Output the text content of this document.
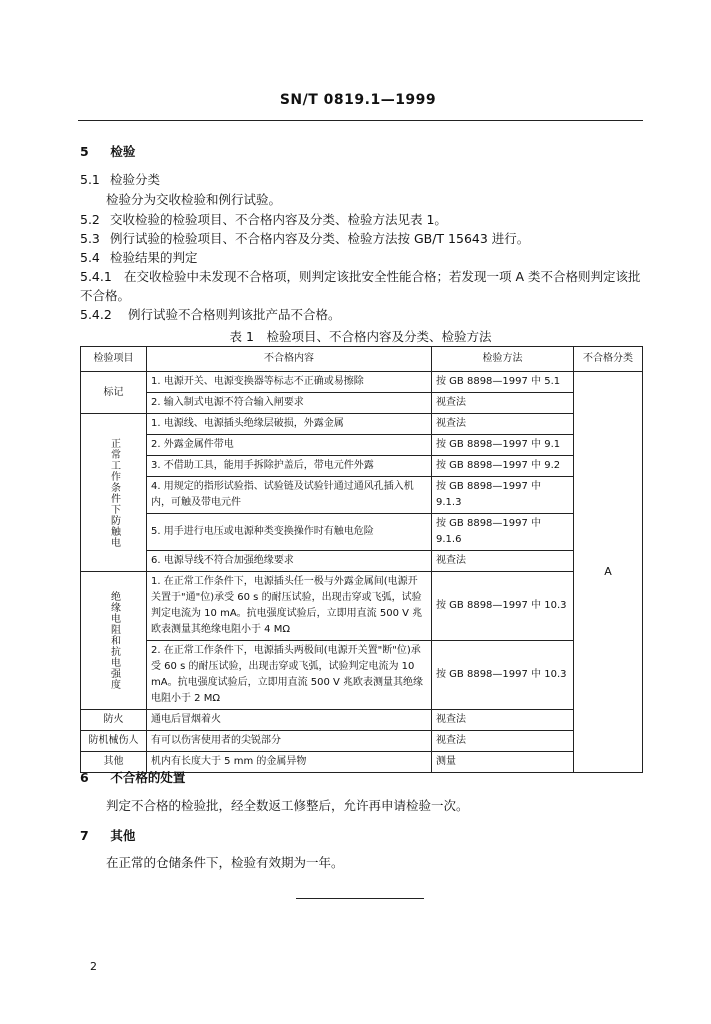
SN/T 0819.1—1999
5 检验
5.1 检验分类
检验分为交收检验和例行试验。
5.2 交收检验的检验项目、不合格内容及分类、检验方法见表 1。
5.3 例行试验的检验项目、不合格内容及分类、检验方法按 GB/T 15643 进行。
5.4 检验结果的判定
5.4.1 在交收检验中未发现不合格项，则判定该批安全性能合格；若发现一项 A 类不合格则判定该批
不合格。
5.4.2 例行试验不合格则判该批产品不合格。
表 1　检验项目、不合格内容及分类、检验方法
检验项目	不合格内容	检验方法	不合格分类
标记	1. 电源开关、电源变换器等标志不正确或易擦除	按 GB 8898—1997 中 5.1	A
	2. 输入制式电源不符合输入闸要求	视查法	

正常工作条件下防触电	1. 电源线、电源插头绝缘层破损，外露金属	视查法	
	2. 外露金属件带电	按 GB 8898—1997 中 9.1	
	3. 不借助工具，能用手拆除护盖后，带电元件外露	按 GB 8898—1997 中 9.2	
	4. 用规定的指形试验指、试验链及试验针通过通风孔插入机内，可触及带电元件	按 GB 8898—1997 中 9.1.3	
	5. 用手进行电压或电源种类变换操作时有触电危险	按 GB 8898—1997 中 9.1.6	
	6. 电源导线不符合加强绝缘要求	视查法	

绝缘电阻和抗电强度	1. 在正常工作条件下，电源插头任一极与外露金属间(电源开关置于"通"位)承受 60 s 的耐压试验，出现击穿或飞弧，试验判定电流为 10 mA。抗电强度试验后，立即用直流 500 V 兆欧表测量其绝缘电阻小于 4 MΩ	按 GB 8898—1997 中 10.3	
	2. 在正常工作条件下，电源插头两极间(电源开关置"断"位)承受 60 s 的耐压试验，出现击穿或飞弧，试验判定电流为 10 mA。抗电强度试验后，立即用直流 500 V 兆欧表测量其绝缘电阻小于 2 MΩ	按 GB 8898—1997 中 10.3	
防火	通电后冒烟着火	视查法	
防机械伤人	有可以伤害使用者的尖锐部分	视查法	
其他	机内有长度大于 5 mm 的金属异物	测量	
6 不合格的处置
判定不合格的检验批，经全数返工修整后，允许再申请检验一次。
7 其他
在正常的仓储条件下，检验有效期为一年。
2
